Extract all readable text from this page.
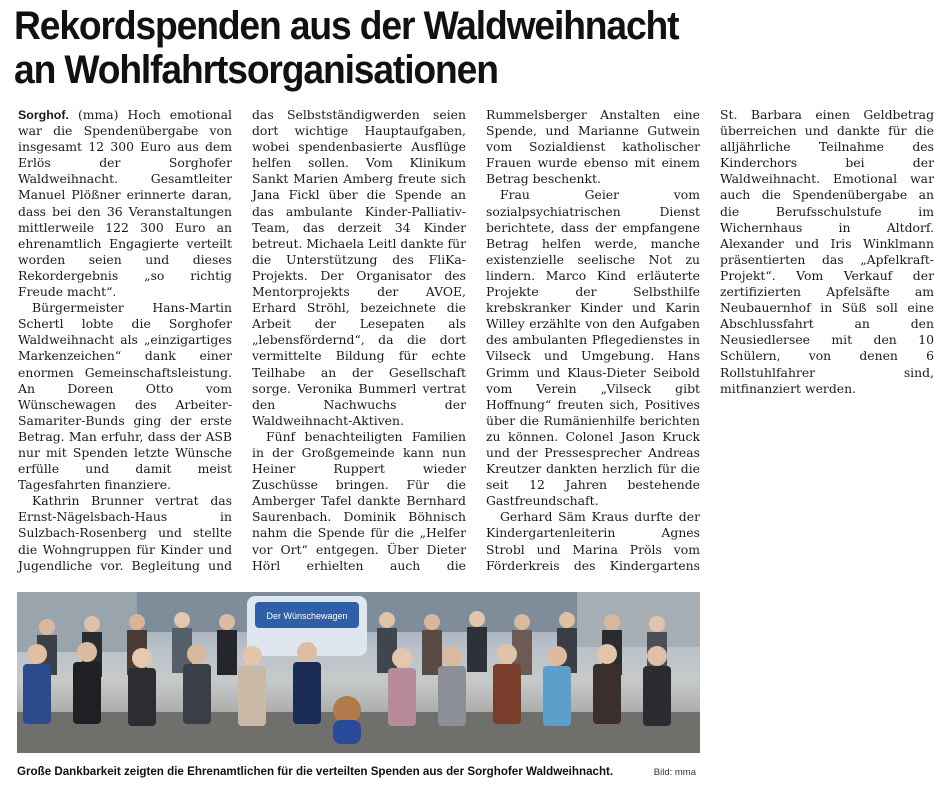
Rekordspenden aus der Waldweihnacht
an Wohlfahrtsorganisationen

Sorghof. (mma) Hoch emotional war die Spendenübergabe von insgesamt 12 300 Euro aus dem Erlös der Sorghofer Waldweihnacht. Gesamtleiter Manuel Plößner erinnerte daran, dass bei den 36 Veranstaltungen mittlerweile 122 300 Euro an ehrenamtlich Engagierte verteilt worden seien und dieses Rekordergebnis „so richtig Freude macht“.

Bürgermeister Hans-Martin Schertl lobte die Sorghofer Waldweihnacht als „einzigartiges Markenzeichen“ dank einer enormen Gemeinschaftsleistung. An Doreen Otto vom Wünschewagen des Arbeiter-Samariter-Bunds ging der erste Betrag. Man erfuhr, dass der ASB nur mit Spenden letzte Wünsche erfülle und damit meist Tagesfahrten finanziere.

Kathrin Brunner vertrat das Ernst-Nägelsbach-Haus in Sulzbach-Rosenberg und stellte die Wohngruppen für Kinder und Jugendliche vor. Begleitung und das Selbstständigwerden seien dort wichtige Hauptaufgaben, wobei spendenbasierte Ausflüge helfen sollen. Vom Klinikum Sankt Marien Amberg freute sich Jana Fickl über die Spende an das ambulante Kinder-Palliativ-Team, das derzeit 34 Kinder betreut. Michaela Leitl dankte für die Unterstützung des FliKa-Projekts. Der Organisator des Mentorprojekts der AVOE, Erhard Ströhl, bezeichnete die Arbeit der Lesepaten als „lebensfördernd“, da die dort vermittelte Bildung für echte Teilhabe an der Gesellschaft sorge. Veronika Bummerl vertrat den Nachwuchs der Waldweihnacht-Aktiven.

Fünf benachteiligten Familien in der Großgemeinde kann nun Heiner Ruppert wieder Zuschüsse bringen. Für die Amberger Tafel dankte Bernhard Saurenbach. Dominik Böhnisch nahm die Spende für die „Helfer vor Ort“ entgegen. Über Dieter Hörl erhielten auch die Rummelsberger Anstalten eine Spende, und Marianne Gutwein vom Sozialdienst katholischer Frauen wurde ebenso mit einem Betrag beschenkt.

Frau Geier vom sozialpsychiatrischen Dienst berichtete, dass der empfangene Betrag helfen werde, manche existenzielle seelische Not zu lindern. Marco Kind erläuterte Projekte der Selbsthilfe krebskranker Kinder und Karin Willey erzählte von den Aufgaben des ambulanten Pflegedienstes in Vilseck und Umgebung. Hans Grimm und Klaus-Dieter Seibold vom Verein „Vilseck gibt Hoffnung“ freuten sich, Positives über die Rumänienhilfe berichten zu können. Colonel Jason Kruck und der Pressesprecher Andreas Kreutzer dankten herzlich für die seit 12 Jahren bestehende Gastfreundschaft.

Gerhard Säm Kraus durfte der Kindergartenleiterin Agnes Strobl und Marina Pröls vom Förderkreis des Kindergartens St. Barbara einen Geldbetrag überreichen und dankte für die alljährliche Teilnahme des Kinderchors bei der Waldweihnacht. Emotional war auch die Spendenübergabe an die Berufsschulstufe im Wichernhaus in Altdorf. Alexander und Iris Winklmann präsentierten das „Apfelkraft-Projekt“. Vom Verkauf der zertifizierten Apfelsäfte am Neubauernhof in Süß soll eine Abschlussfahrt an den Neusiedlersee mit den 10 Schülern, von denen 6 Rollstuhlfahrer sind, mitfinanziert werden.

Der Wünschewagen
Große Dankbarkeit zeigten die Ehrenamtlichen für die verteilten Spenden aus der Sorghofer Waldweihnacht.	Bild: mma
